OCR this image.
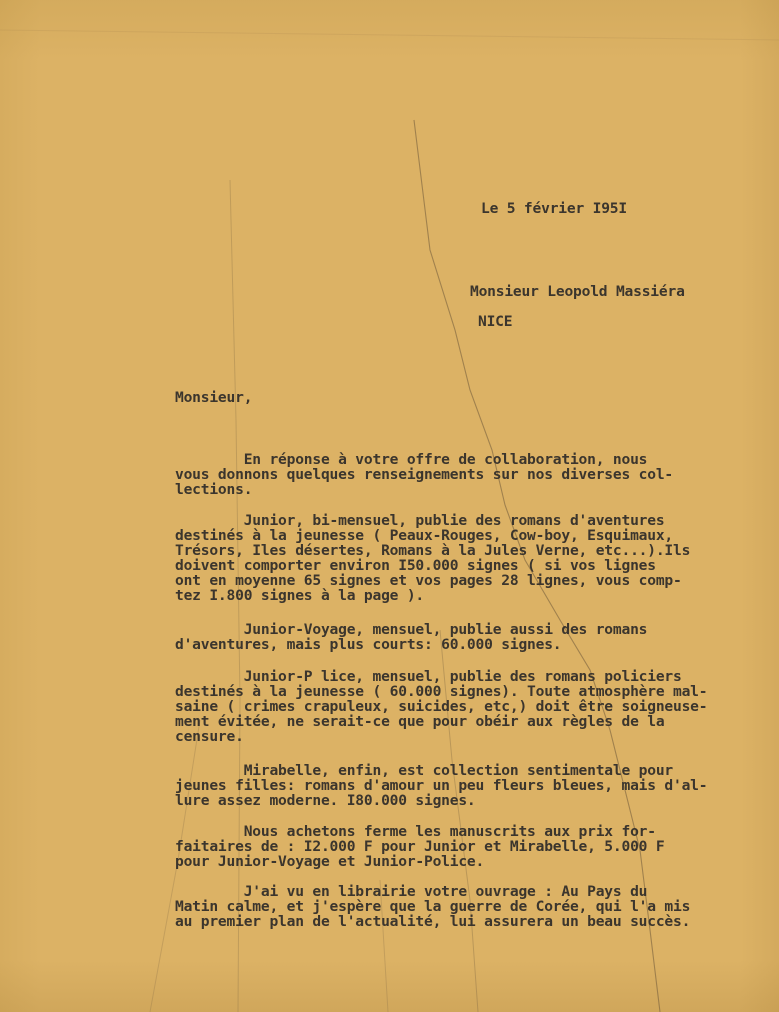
Le 5 février I95I

Monsieur Leopold Massiéra

NICE

Monsieur,

En réponse à votre offre de collaboration, nous

vous donnons quelques renseignements sur nos diverses col-

lections.

Junior, bi-mensuel, publie des romans d'aventures

destinés à la jeunesse ( Peaux-Rouges, Cow-boy, Esquimaux,

Trésors, Iles désertes, Romans à la Jules Verne, etc...).Ils

doivent comporter environ I50.000 signes ( si vos lignes

ont en moyenne 65 signes et vos pages 28 lignes, vous comp-

tez I.800 signes à la page ).

Junior-Voyage, mensuel, publie aussi des romans

d'aventures, mais plus courts: 60.000 signes.

Junior-P lice, mensuel, publie des romans policiers

destinés à la jeunesse ( 60.000 signes). Toute atmosphère mal-

saine ( crimes crapuleux, suicides, etc,) doit être soigneuse-

ment évitée, ne serait-ce que pour obéir aux règles de la

censure.

Mirabelle, enfin, est collection sentimentale pour

jeunes filles: romans d'amour un peu fleurs bleues, mais d'al-

lure assez moderne. I80.000 signes.

Nous achetons ferme les manuscrits aux prix for-

faitaires de : I2.000 F pour Junior et Mirabelle, 5.000 F

pour Junior-Voyage et Junior-Police.

J'ai vu en librairie votre ouvrage : Au Pays du

Matin calme, et j'espère que la guerre de Corée, qui l'a mis

au premier plan de l'actualité, lui assurera un beau succès.
